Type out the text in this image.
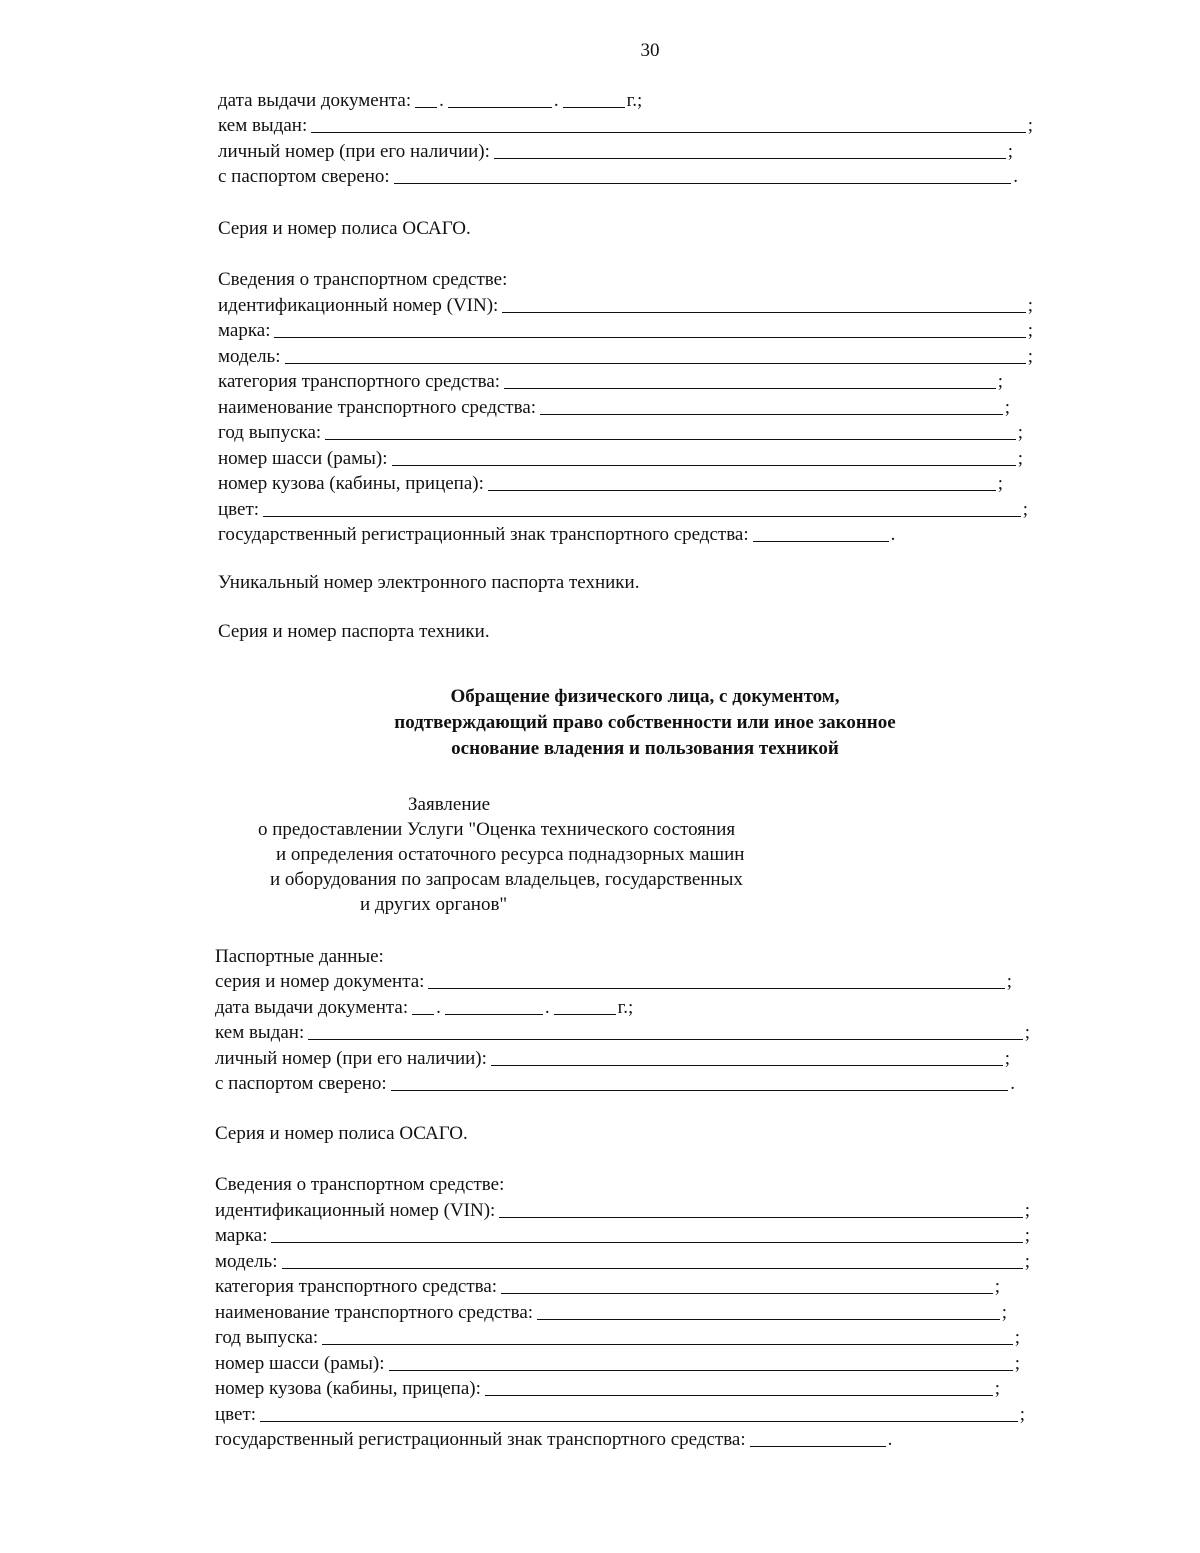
30
дата выдачи документа: .	.	г.;
кем выдан:	;
личный номер (при его наличии):	;
с паспортом сверено:	.
Серия и номер полиса ОСАГО.
Сведения о транспортном средстве:
идентификационный номер (VIN):	;
марка:	;
модель:	;
категория транспортного средства:	;
наименование транспортного средства:	;
год выпуска:	;
номер шасси (рамы):	;
номер кузова (кабины, прицепа):	;
цвет:	;
государственный регистрационный знак транспортного средства:	.
Уникальный номер электронного паспорта техники.
Серия и номер паспорта техники.
Обращение физического лица, с документом,
подтверждающий право собственности или иное законное
основание владения и пользования техникой
Заявление
о предоставлении Услуги "Оценка технического состояния
и определения остаточного ресурса поднадзорных машин
и оборудования по запросам владельцев, государственных
и других органов"
Паспортные данные:
серия и номер документа:	;
дата выдачи документа: .	.	г.;
кем выдан:	;
личный номер (при его наличии):	;
с паспортом сверено:	.
Серия и номер полиса ОСАГО.
Сведения о транспортном средстве:
идентификационный номер (VIN):	;
марка:	;
модель:	;
категория транспортного средства:	;
наименование транспортного средства:	;
год выпуска:	;
номер шасси (рамы):	;
номер кузова (кабины, прицепа):	;
цвет:	;
государственный регистрационный знак транспортного средства:	.
